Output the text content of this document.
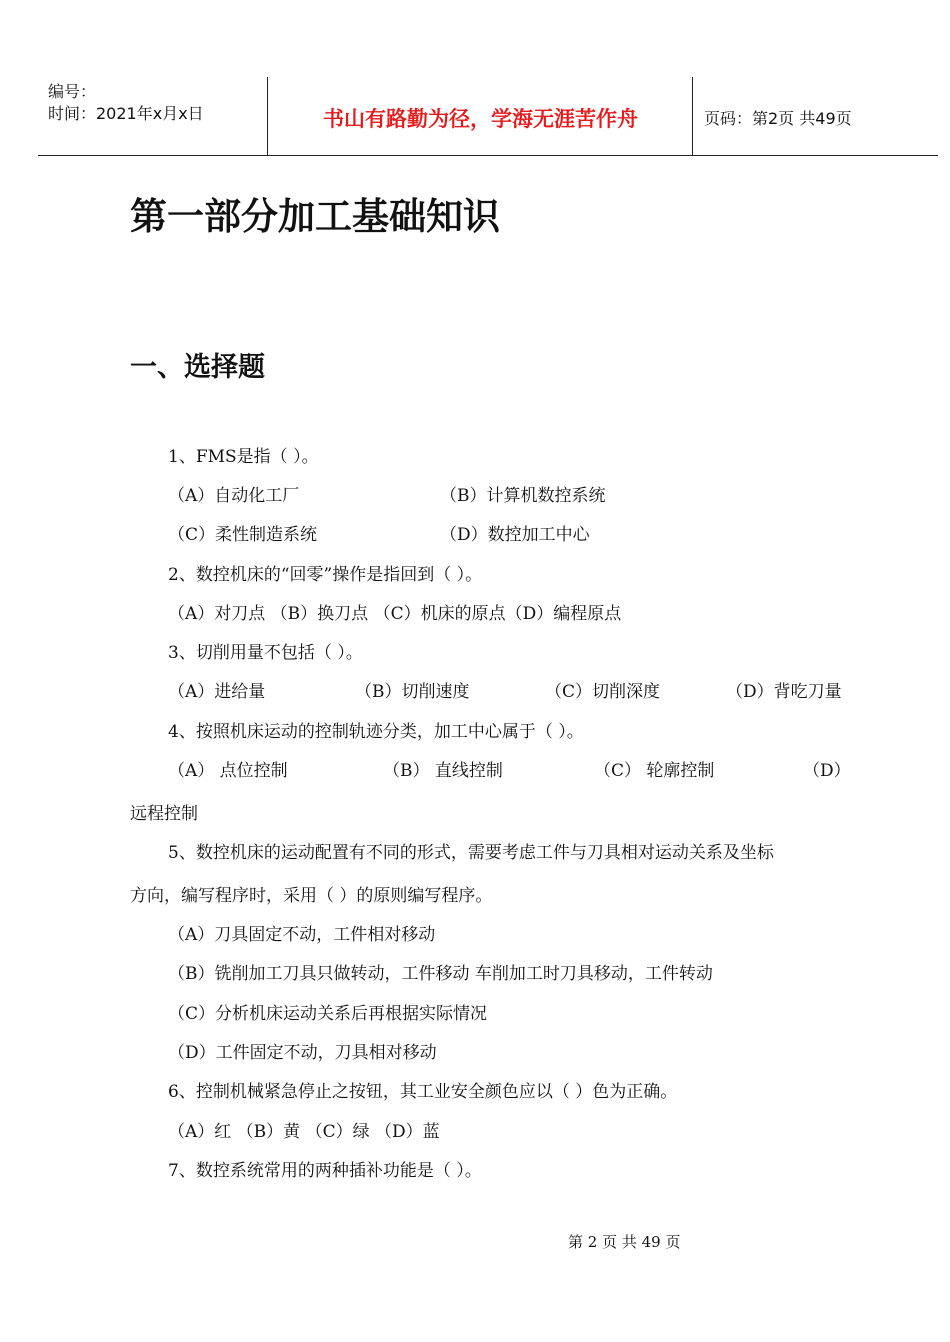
编号：
时间：2021年x月x日	书山有路勤为径，学海无涯苦作舟	页码：第2页 共49页
第一部分加工基础知识
一、选择题
1、FMS是指（ ）。
（A）自动化工厂	（B）计算机数控系统
（C）柔性制造系统	（D）数控加工中心
2、数控机床的“回零”操作是指回到（ ）。
（A）对刀点 （B）换刀点 （C）机床的原点（D）编程原点
3、切削用量不包括（ ）。
（A）进给量	（B）切削速度	（C）切削深度	（D）背吃刀量
4、按照机床运动的控制轨迹分类，加工中心属于（ ）。
（A） 点位控制	（B） 直线控制	（C） 轮廓控制	（D）
远程控制
5、数控机床的运动配置有不同的形式，需要考虑工件与刀具相对运动关系及坐标
方向，编写程序时，采用（ ）的原则编写程序。
（A）刀具固定不动，工件相对移动
（B）铣削加工刀具只做转动，工件移动 车削加工时刀具移动，工件转动
（C）分析机床运动关系后再根据实际情况
（D）工件固定不动，刀具相对移动
6、控制机械紧急停止之按钮，其工业安全颜色应以（ ）色为正确。
（A）红 （B）黄 （C）绿 （D）蓝
7、数控系统常用的两种插补功能是（ ）。
第 2 页 共 49 页
